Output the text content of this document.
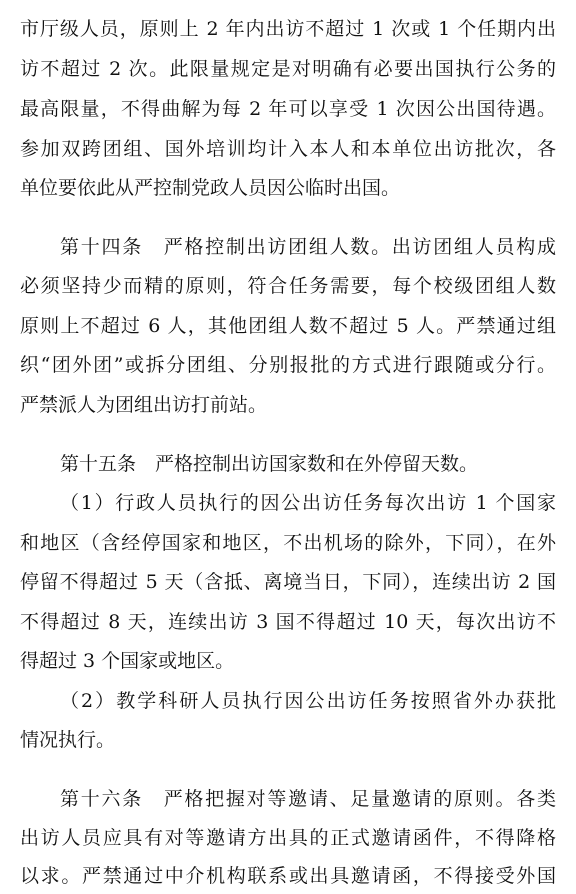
市厅级人员，原则上 2 年内出访不超过 1 次或 1 个任期内出
访不超过 2 次。此限量规定是对明确有必要出国执行公务的
最高限量，不得曲解为每 2 年可以享受 1 次因公出国待遇。
参加双跨团组、国外培训均计入本人和本单位出访批次，各
单位要依此从严控制党政人员因公临时出国。
第十四条　严格控制出访团组人数。出访团组人员构成
必须坚持少而精的原则，符合任务需要，每个校级团组人数
原则上不超过 6 人，其他团组人数不超过 5 人。严禁通过组
织“团外团”或拆分团组、分别报批的方式进行跟随或分行。
严禁派人为团组出访打前站。
第十五条　严格控制出访国家数和在外停留天数。
（1）行政人员执行的因公出访任务每次出访 1 个国家
和地区（含经停国家和地区，不出机场的除外，下同），在外
停留不得超过 5 天（含抵、离境当日，下同），连续出访 2 国
不得超过 8 天，连续出访 3 国不得超过 10 天，每次出访不
得超过 3 个国家或地区。
（2）教学科研人员执行因公出访任务按照省外办获批
情况执行。
第十六条　严格把握对等邀请、足量邀请的原则。各类
出访人员应具有对等邀请方出具的正式邀请函件，不得降格
以求。严禁通过中介机构联系或出具邀请函，不得接受外国
